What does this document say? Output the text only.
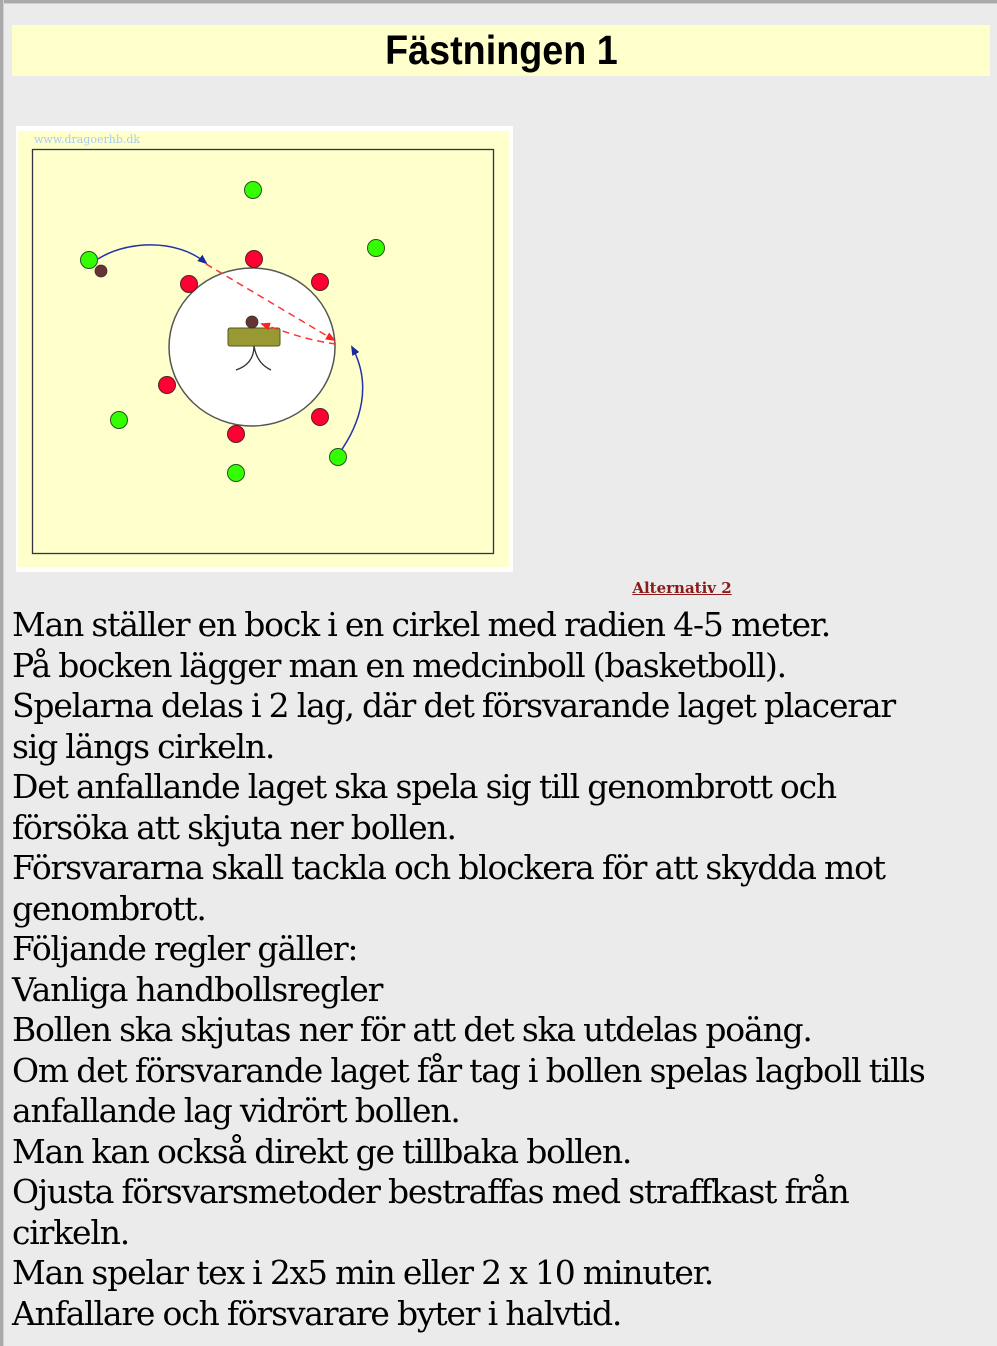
Fästningen 1
www.dragoerhb.dk
Alternativ 2
Man ställer en bock i en cirkel med radien 4-5 meter.
På bocken lägger man en medcinboll (basketboll).
Spelarna delas i 2 lag, där det försvarande laget placerar
sig längs cirkeln.
Det anfallande laget ska spela sig till genombrott och
försöka att skjuta ner bollen.
Försvararna skall tackla och blockera för att skydda mot
genombrott.
Följande regler gäller:
Vanliga handbollsregler
Bollen ska skjutas ner för att det ska utdelas poäng.
Om det försvarande laget får tag i bollen spelas lagboll tills
anfallande lag vidrört bollen.
Man kan också direkt ge tillbaka bollen.
Ojusta försvarsmetoder bestraffas med straffkast från
cirkeln.
Man spelar tex i 2x5 min eller 2 x 10 minuter.
Anfallare och försvarare byter i halvtid.
